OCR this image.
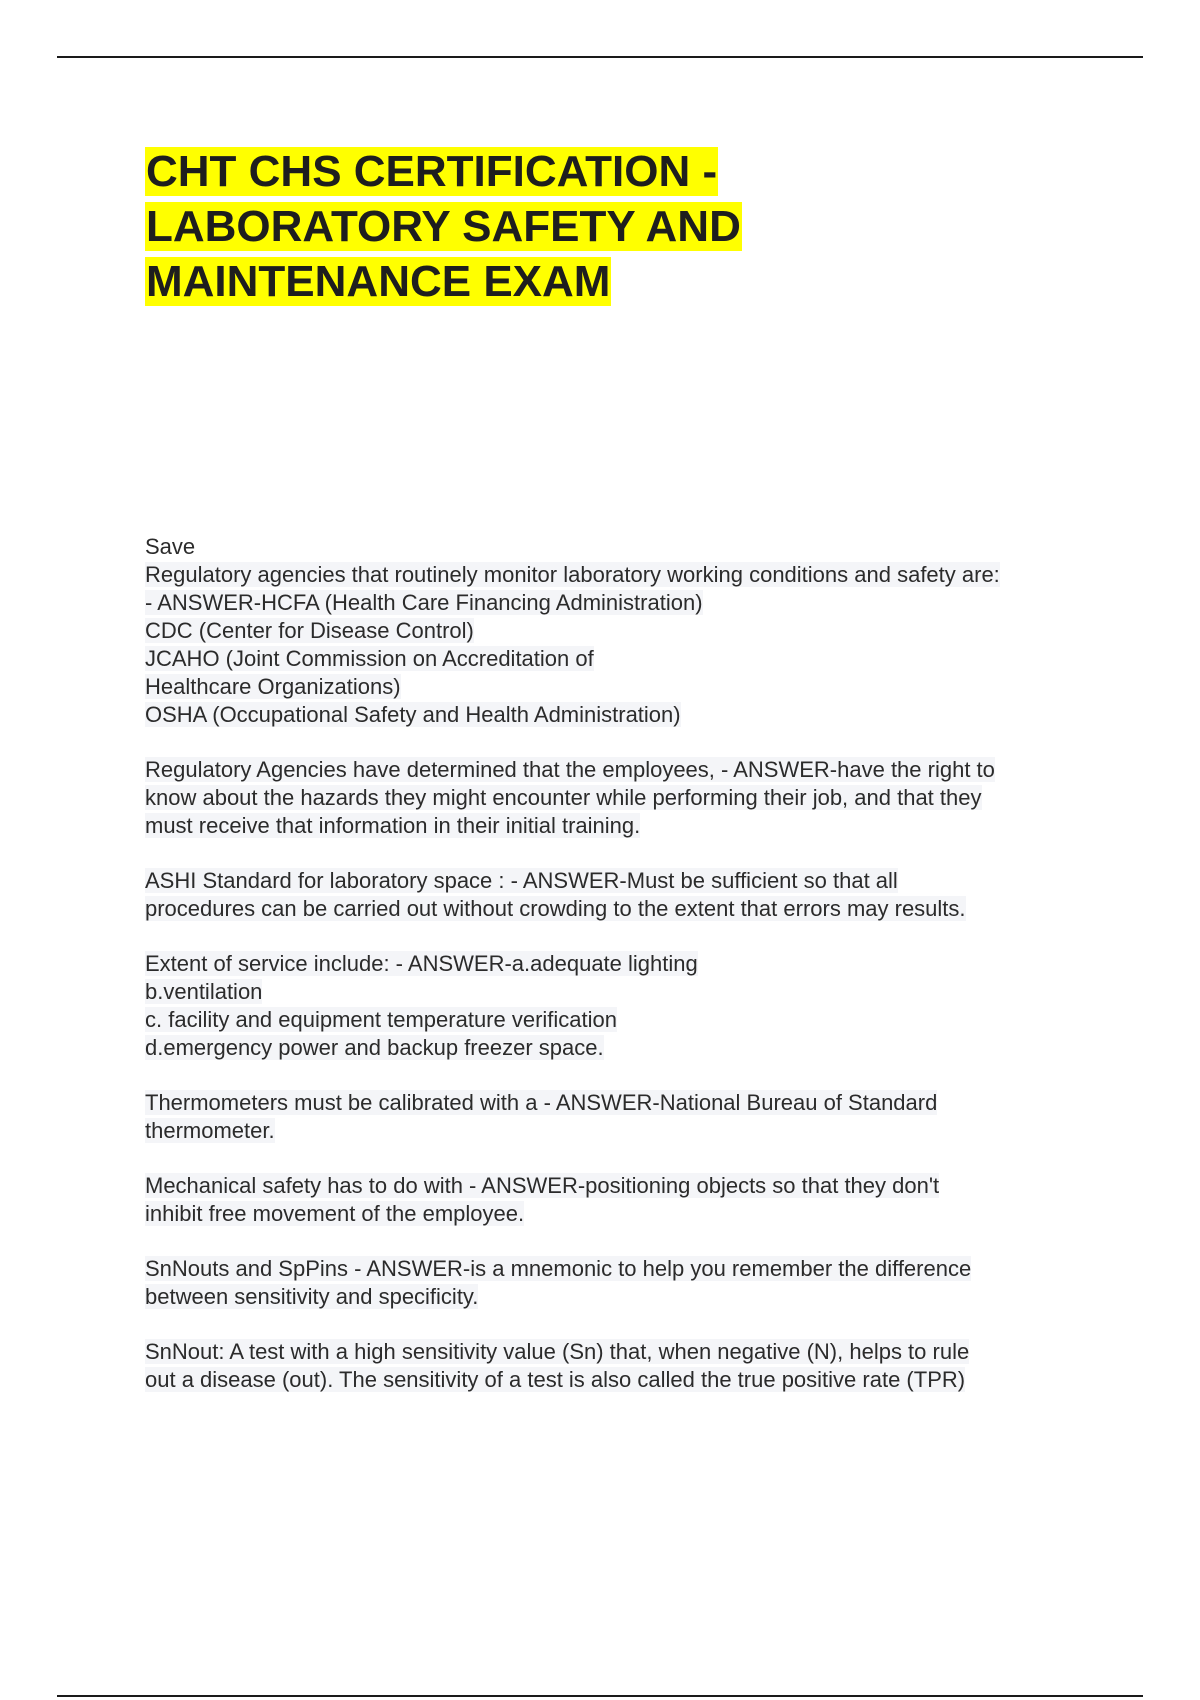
CHT CHS CERTIFICATION -
LABORATORY SAFETY AND
MAINTENANCE EXAM
Save
Regulatory agencies that routinely monitor laboratory working conditions and safety are:
- ANSWER-HCFA (Health Care Financing Administration)
CDC (Center for Disease Control)
JCAHO (Joint Commission on Accreditation of
Healthcare Organizations)
OSHA (Occupational Safety and Health Administration)
Regulatory Agencies have determined that the employees, - ANSWER-have the right to
know about the hazards they might encounter while performing their job, and that they
must receive that information in their initial training.
ASHI Standard for laboratory space : - ANSWER-Must be sufficient so that all
procedures can be carried out without crowding to the extent that errors may results.
Extent of service include: - ANSWER-a.adequate lighting
b.ventilation
c. facility and equipment temperature verification
d.emergency power and backup freezer space.
Thermometers must be calibrated with a - ANSWER-National Bureau of Standard
thermometer.
Mechanical safety has to do with - ANSWER-positioning objects so that they don't
inhibit free movement of the employee.
SnNouts and SpPins - ANSWER-is a mnemonic to help you remember the difference
between sensitivity and specificity.
SnNout: A test with a high sensitivity value (Sn) that, when negative (N), helps to rule
out a disease (out). The sensitivity of a test is also called the true positive rate (TPR)
